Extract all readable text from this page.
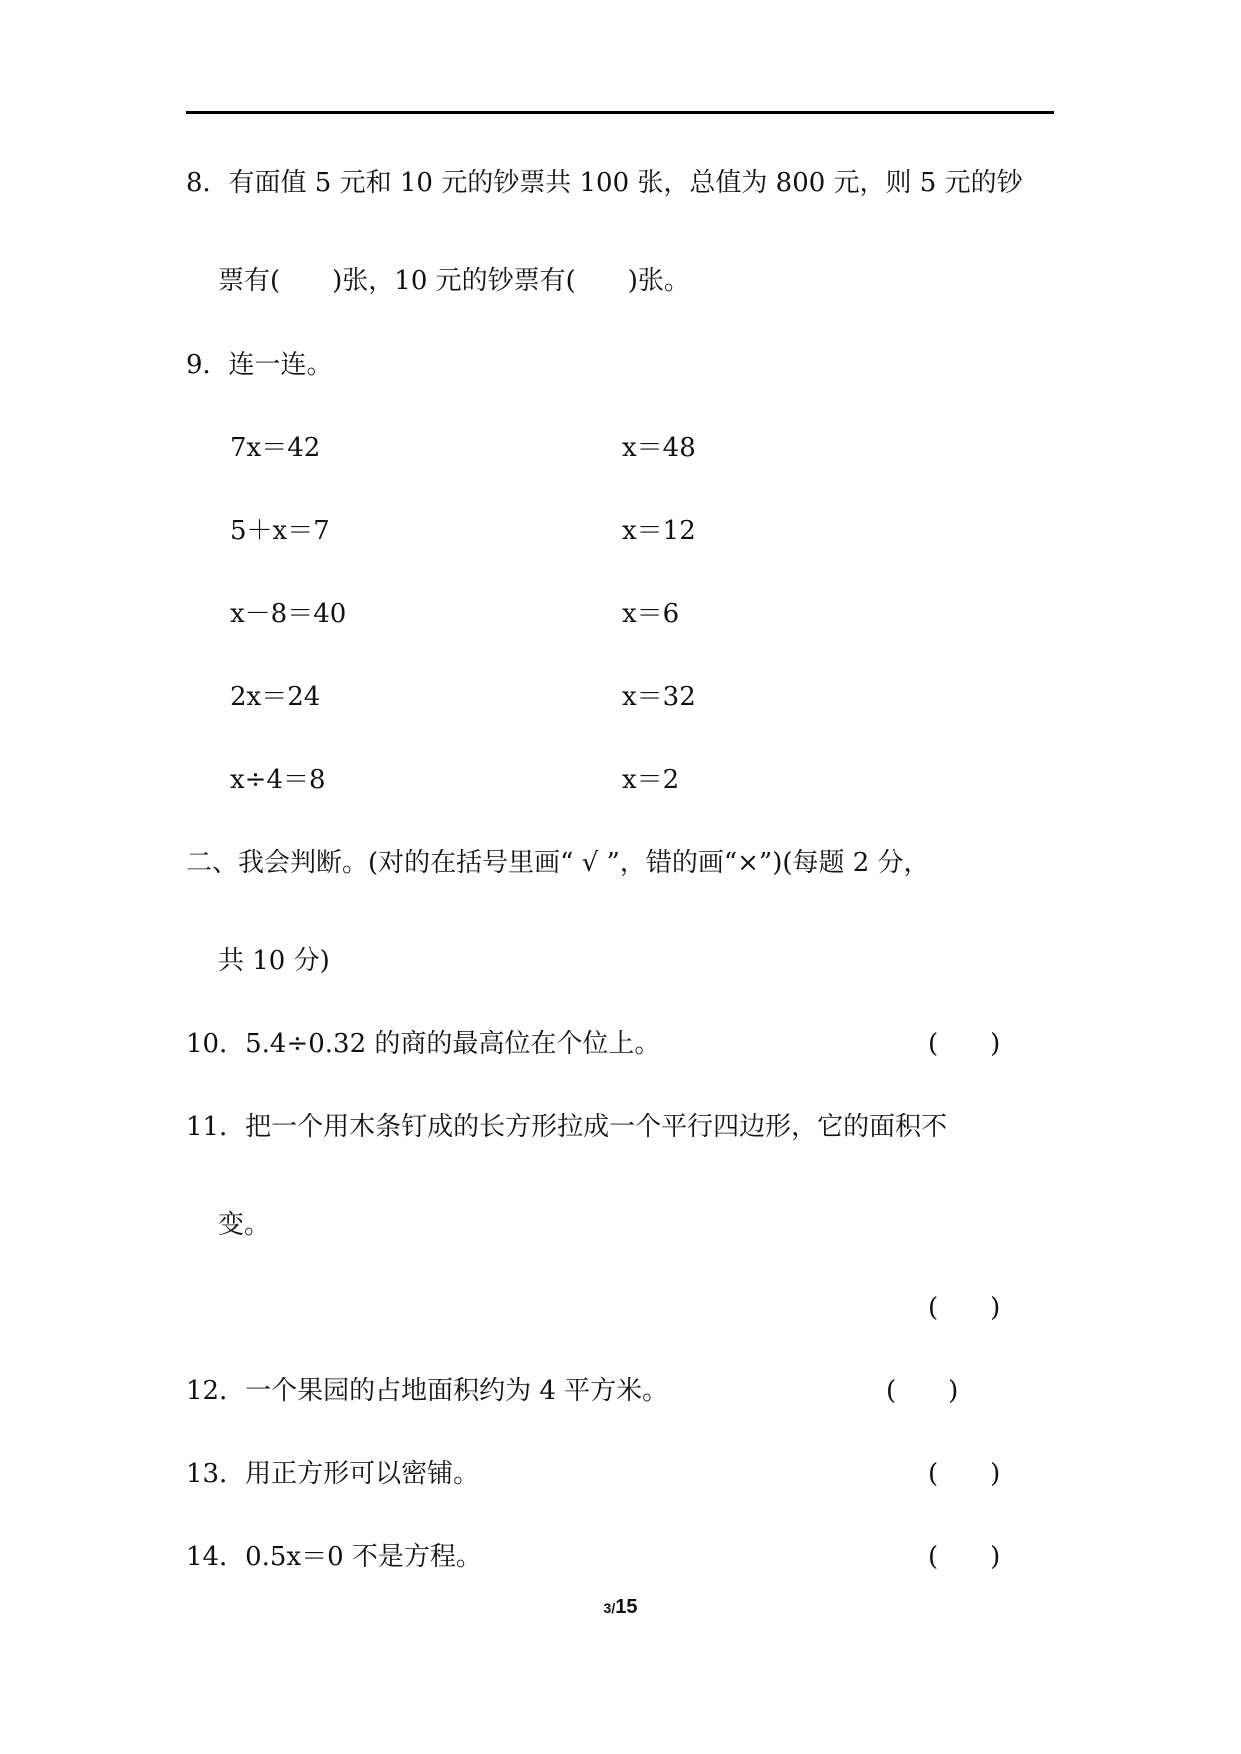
8．有面值 5 元和 10 元的钞票共 100 张，总值为 800 元，则 5 元的钞
票有(　　)张，10 元的钞票有(　　)张。
9．连一连。
7x＝42	x＝48
5＋x＝7	x＝12
x－8＝40	x＝6
2x＝24	x＝32
x÷4＝8	x＝2
二、我会判断。(对的在括号里画“ √ ”，错的画“×”)(每题 2 分，
共 10 分)
10．5.4÷0.32 的商的最高位在个位上。	(　　)
11．把一个用木条钉成的长方形拉成一个平行四边形，它的面积不
变。
(　　)
12．一个果园的占地面积约为 4 平方米。	(　　)
13．用正方形可以密铺。	(　　)
14．0.5x＝0 不是方程。	(　　)
3/15
